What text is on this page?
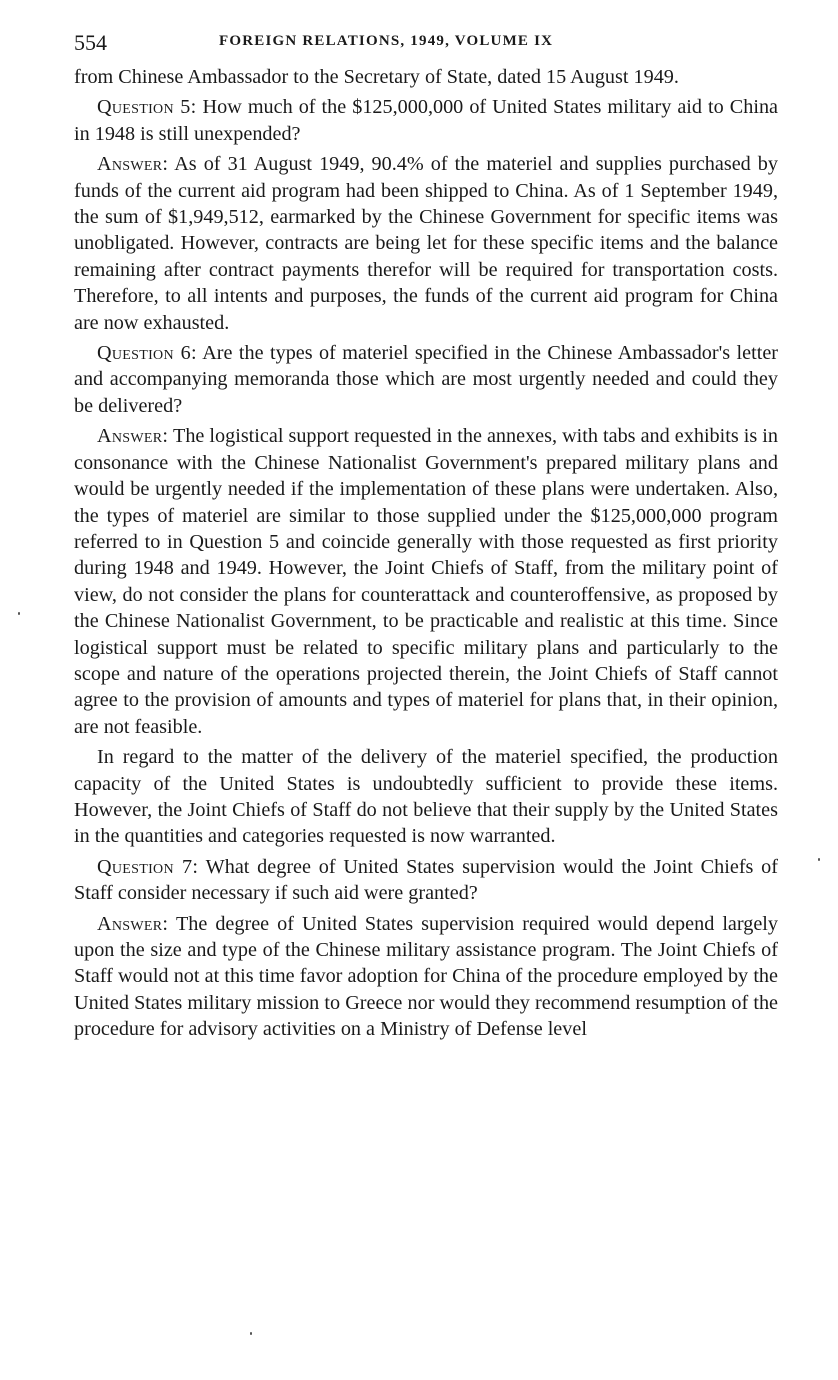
554	FOREIGN RELATIONS, 1949, VOLUME IX

from Chinese Ambassador to the Secretary of State, dated 15 August 1949.

Question 5: How much of the $125,000,000 of United States military aid to China in 1948 is still unexpended?

Answer: As of 31 August 1949, 90.4% of the materiel and supplies purchased by funds of the current aid program had been shipped to China. As of 1 September 1949, the sum of $1,949,512, earmarked by the Chinese Government for specific items was unobligated. However, contracts are being let for these specific items and the balance remaining after contract payments therefor will be required for transportation costs. Therefore, to all intents and purposes, the funds of the current aid program for China are now exhausted.

Question 6: Are the types of materiel specified in the Chinese Ambassador's letter and accompanying memoranda those which are most urgently needed and could they be delivered?

Answer: The logistical support requested in the annexes, with tabs and exhibits is in consonance with the Chinese Nationalist Government's prepared military plans and would be urgently needed if the implementation of these plans were undertaken. Also, the types of materiel are similar to those supplied under the $125,000,000 program referred to in Question 5 and coincide generally with those requested as first priority during 1948 and 1949. However, the Joint Chiefs of Staff, from the military point of view, do not consider the plans for counterattack and counteroffensive, as proposed by the Chinese Nationalist Government, to be practicable and realistic at this time. Since logistical support must be related to specific military plans and particularly to the scope and nature of the operations projected therein, the Joint Chiefs of Staff cannot agree to the provision of amounts and types of materiel for plans that, in their opinion, are not feasible.

In regard to the matter of the delivery of the materiel specified, the production capacity of the United States is undoubtedly sufficient to provide these items. However, the Joint Chiefs of Staff do not believe that their supply by the United States in the quantities and categories requested is now warranted.

Question 7: What degree of United States supervision would the Joint Chiefs of Staff consider necessary if such aid were granted?

Answer: The degree of United States supervision required would depend largely upon the size and type of the Chinese military assistance program. The Joint Chiefs of Staff would not at this time favor adoption for China of the procedure employed by the United States military mission to Greece nor would they recommend resumption of the procedure for advisory activities on a Ministry of Defense level
